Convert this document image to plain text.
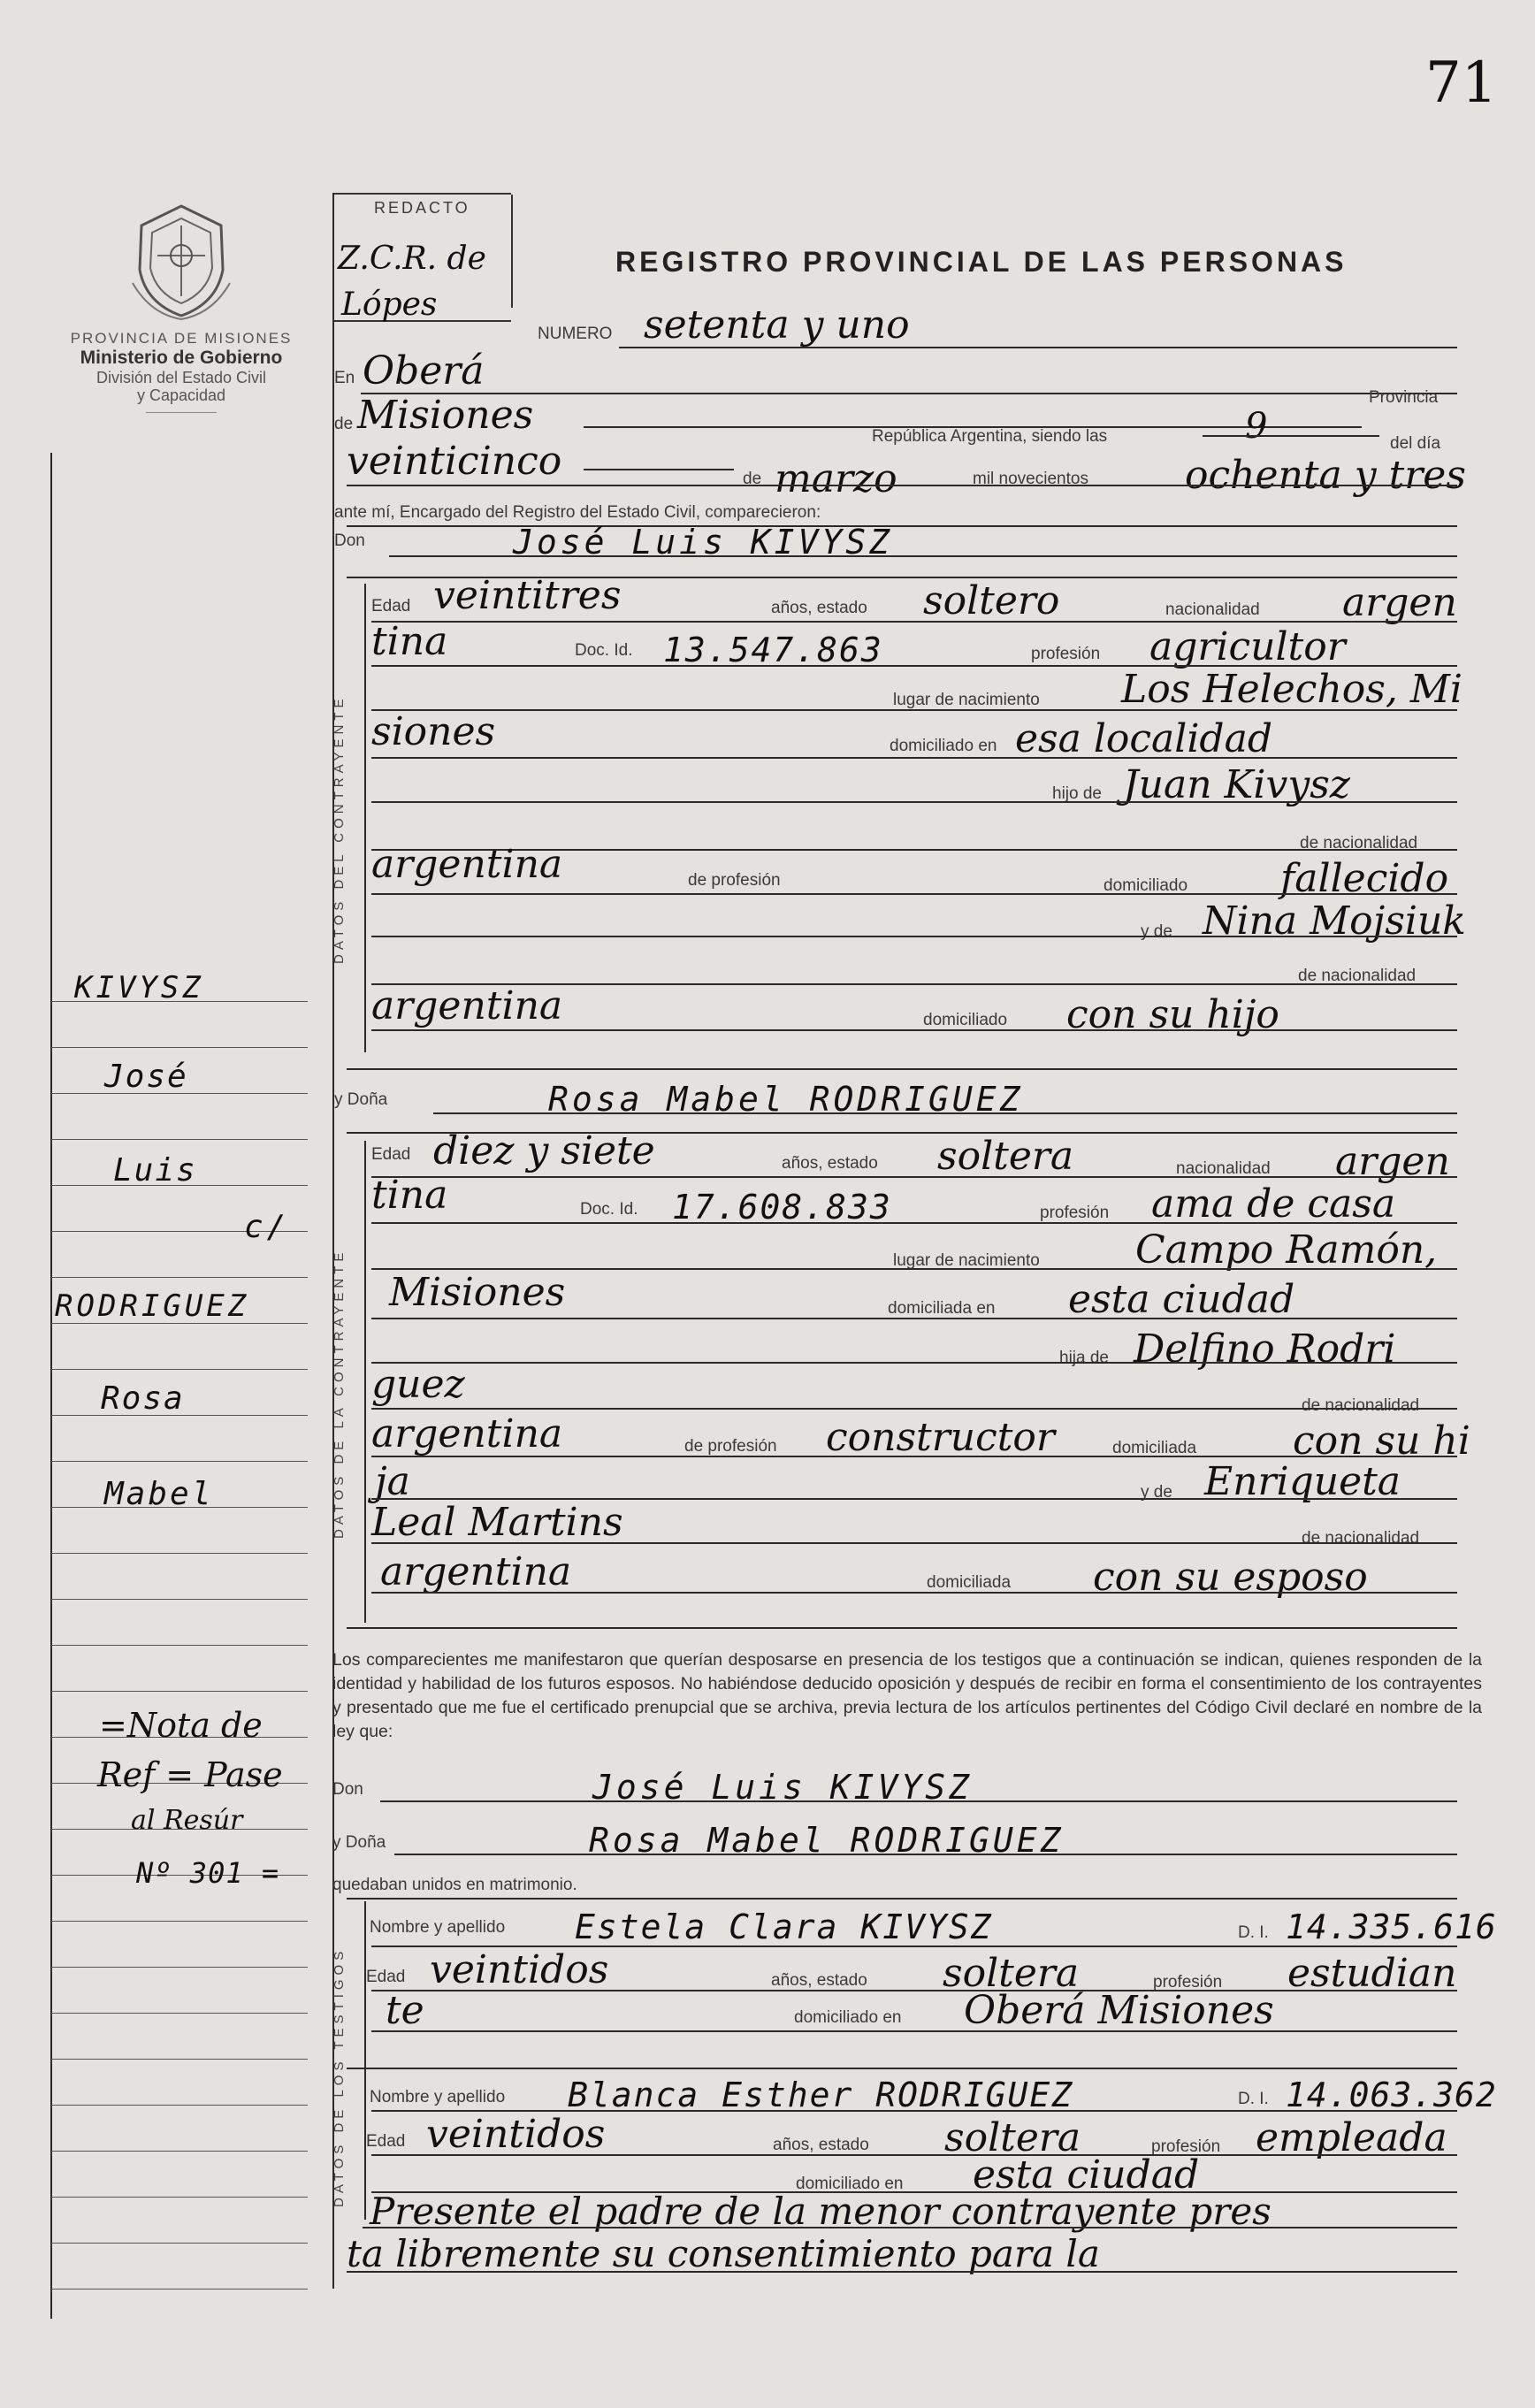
71
PROVINCIA DE MISIONES
Ministerio de Gobierno
División del Estado Civil
y Capacidad
REDACTO
Z.C.R. de
Lópes
REGISTRO PROVINCIAL DE LAS PERSONAS
NUMERO setenta y uno
En Oberá
de Misiones	Provincia
República Argentina, siendo las	9	del día
veinticinco	de marzo	mil novecientos ochenta y tres
ante mí, Encargado del Registro del Estado Civil, comparecieron:
Don	José Luis KIVYSZ
DATOS DEL CONTRAYENTE
Edad veintitres	años, estado soltero	nacionalidad argen
tina	Doc. Id. 13.547.863	profesión agricultor
lugar de nacimiento Los Helechos, Mi
siones	domiciliado en esa localidad
hijo de Juan Kivysz
de nacionalidad
argentina	de profesión	domiciliado fallecido
y de Nina Mojsiuk
de nacionalidad
argentina	domiciliado con su hijo
y Doña	Rosa Mabel RODRIGUEZ
DATOS DE LA CONTRAYENTE
Edad diez y siete	años, estado soltera	nacionalidad argen
tina	Doc. Id. 17.608.833	profesión ama de casa
lugar de nacimiento Campo Ramón,
Misiones	domiciliada en esta ciudad
hija de Delfino Rodri
guez	de nacionalidad
argentina	de profesión constructor	domiciliada con su hi
ja	y de Enriqueta
Leal Martins	de nacionalidad
argentina	domiciliada con su esposo
Los comparecientes me manifestaron que querían desposarse en presencia de los testigos que a continuación se indican, quienes responden de la identidad y habilidad de los futuros esposos. No habiéndose deducido oposición y después de recibir en forma el consentimiento de los contrayentes y presentado que me fue el certificado prenupcial que se archiva, previa lectura de los artículos pertinentes del Código Civil declaré en nombre de la ley que:
Don	José Luis KIVYSZ
y Doña	Rosa Mabel RODRIGUEZ
quedaban unidos en matrimonio.
DATOS DE LOS TESTIGOS
Nombre y apellido Estela Clara KIVYSZ	D. I. 14.335.616
Edad veintidos	años, estado soltera	profesión estudian
te	domiciliado en Oberá Misiones
Nombre y apellido Blanca Esther RODRIGUEZ	D. I. 14.063.362
Edad veintidos	años, estado soltera	profesión empleada
domiciliado en esta ciudad
Presente el padre de la menor contrayente pres
ta libremente su consentimiento para la
KIVYSZ
José
Luis
c/
RODRIGUEZ
Rosa
Mabel
=Nota de
Ref = Pase
al Resúr
Nº 301 =
